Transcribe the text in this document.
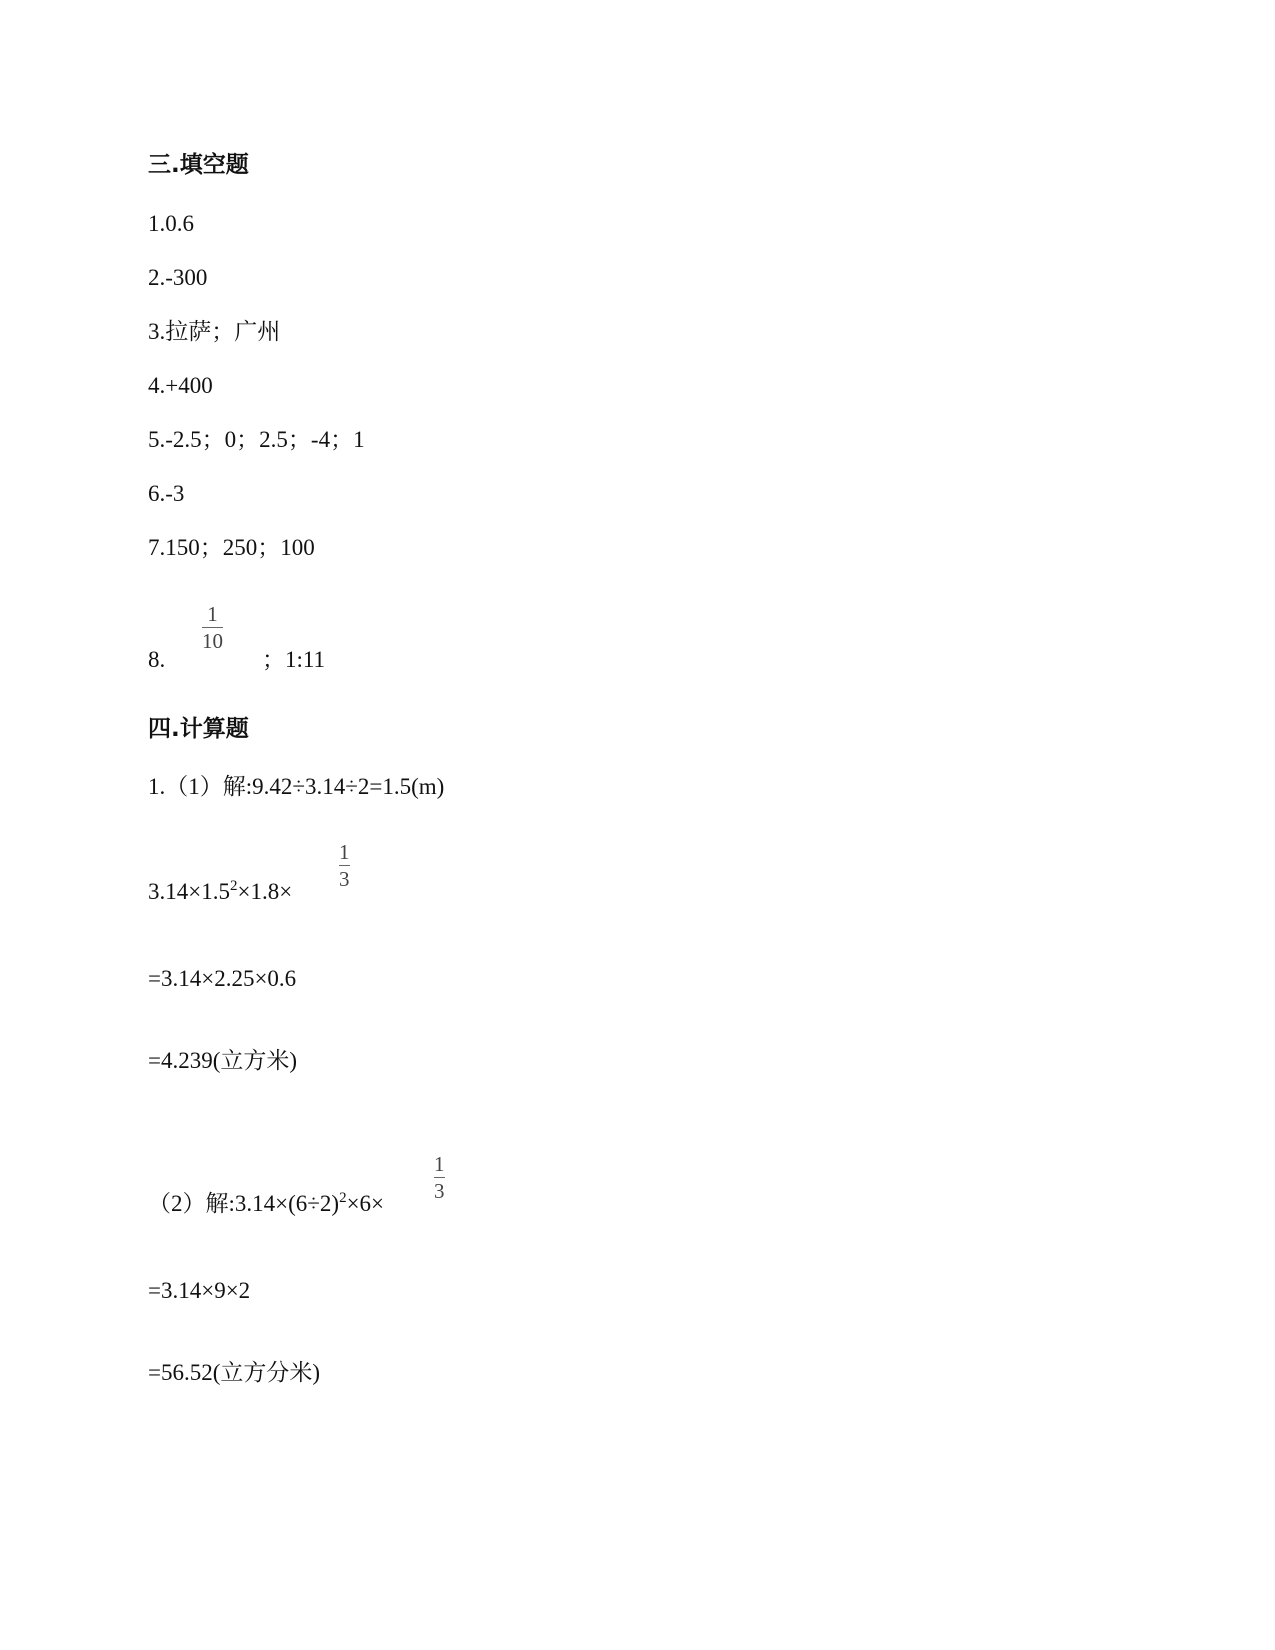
三.填空题
1.0.6
2.-300
3.拉萨；广州
4.+400
5.-2.5；0；2.5；-4；1
6.-3
7.150；250；100
8.
1
10
；1:11
四.计算题
1.（1）解:9.42÷3.14÷2=1.5(m)
$3.14\times 1.5^2\times 1.8\times$
1
3
=3.14×2.25×0.6
=4.239(立方米)
（2）解$:3.14\times(6\div 2)^2\times 6\times$
1
3
=3.14×9×2
=56.52(立方分米)
